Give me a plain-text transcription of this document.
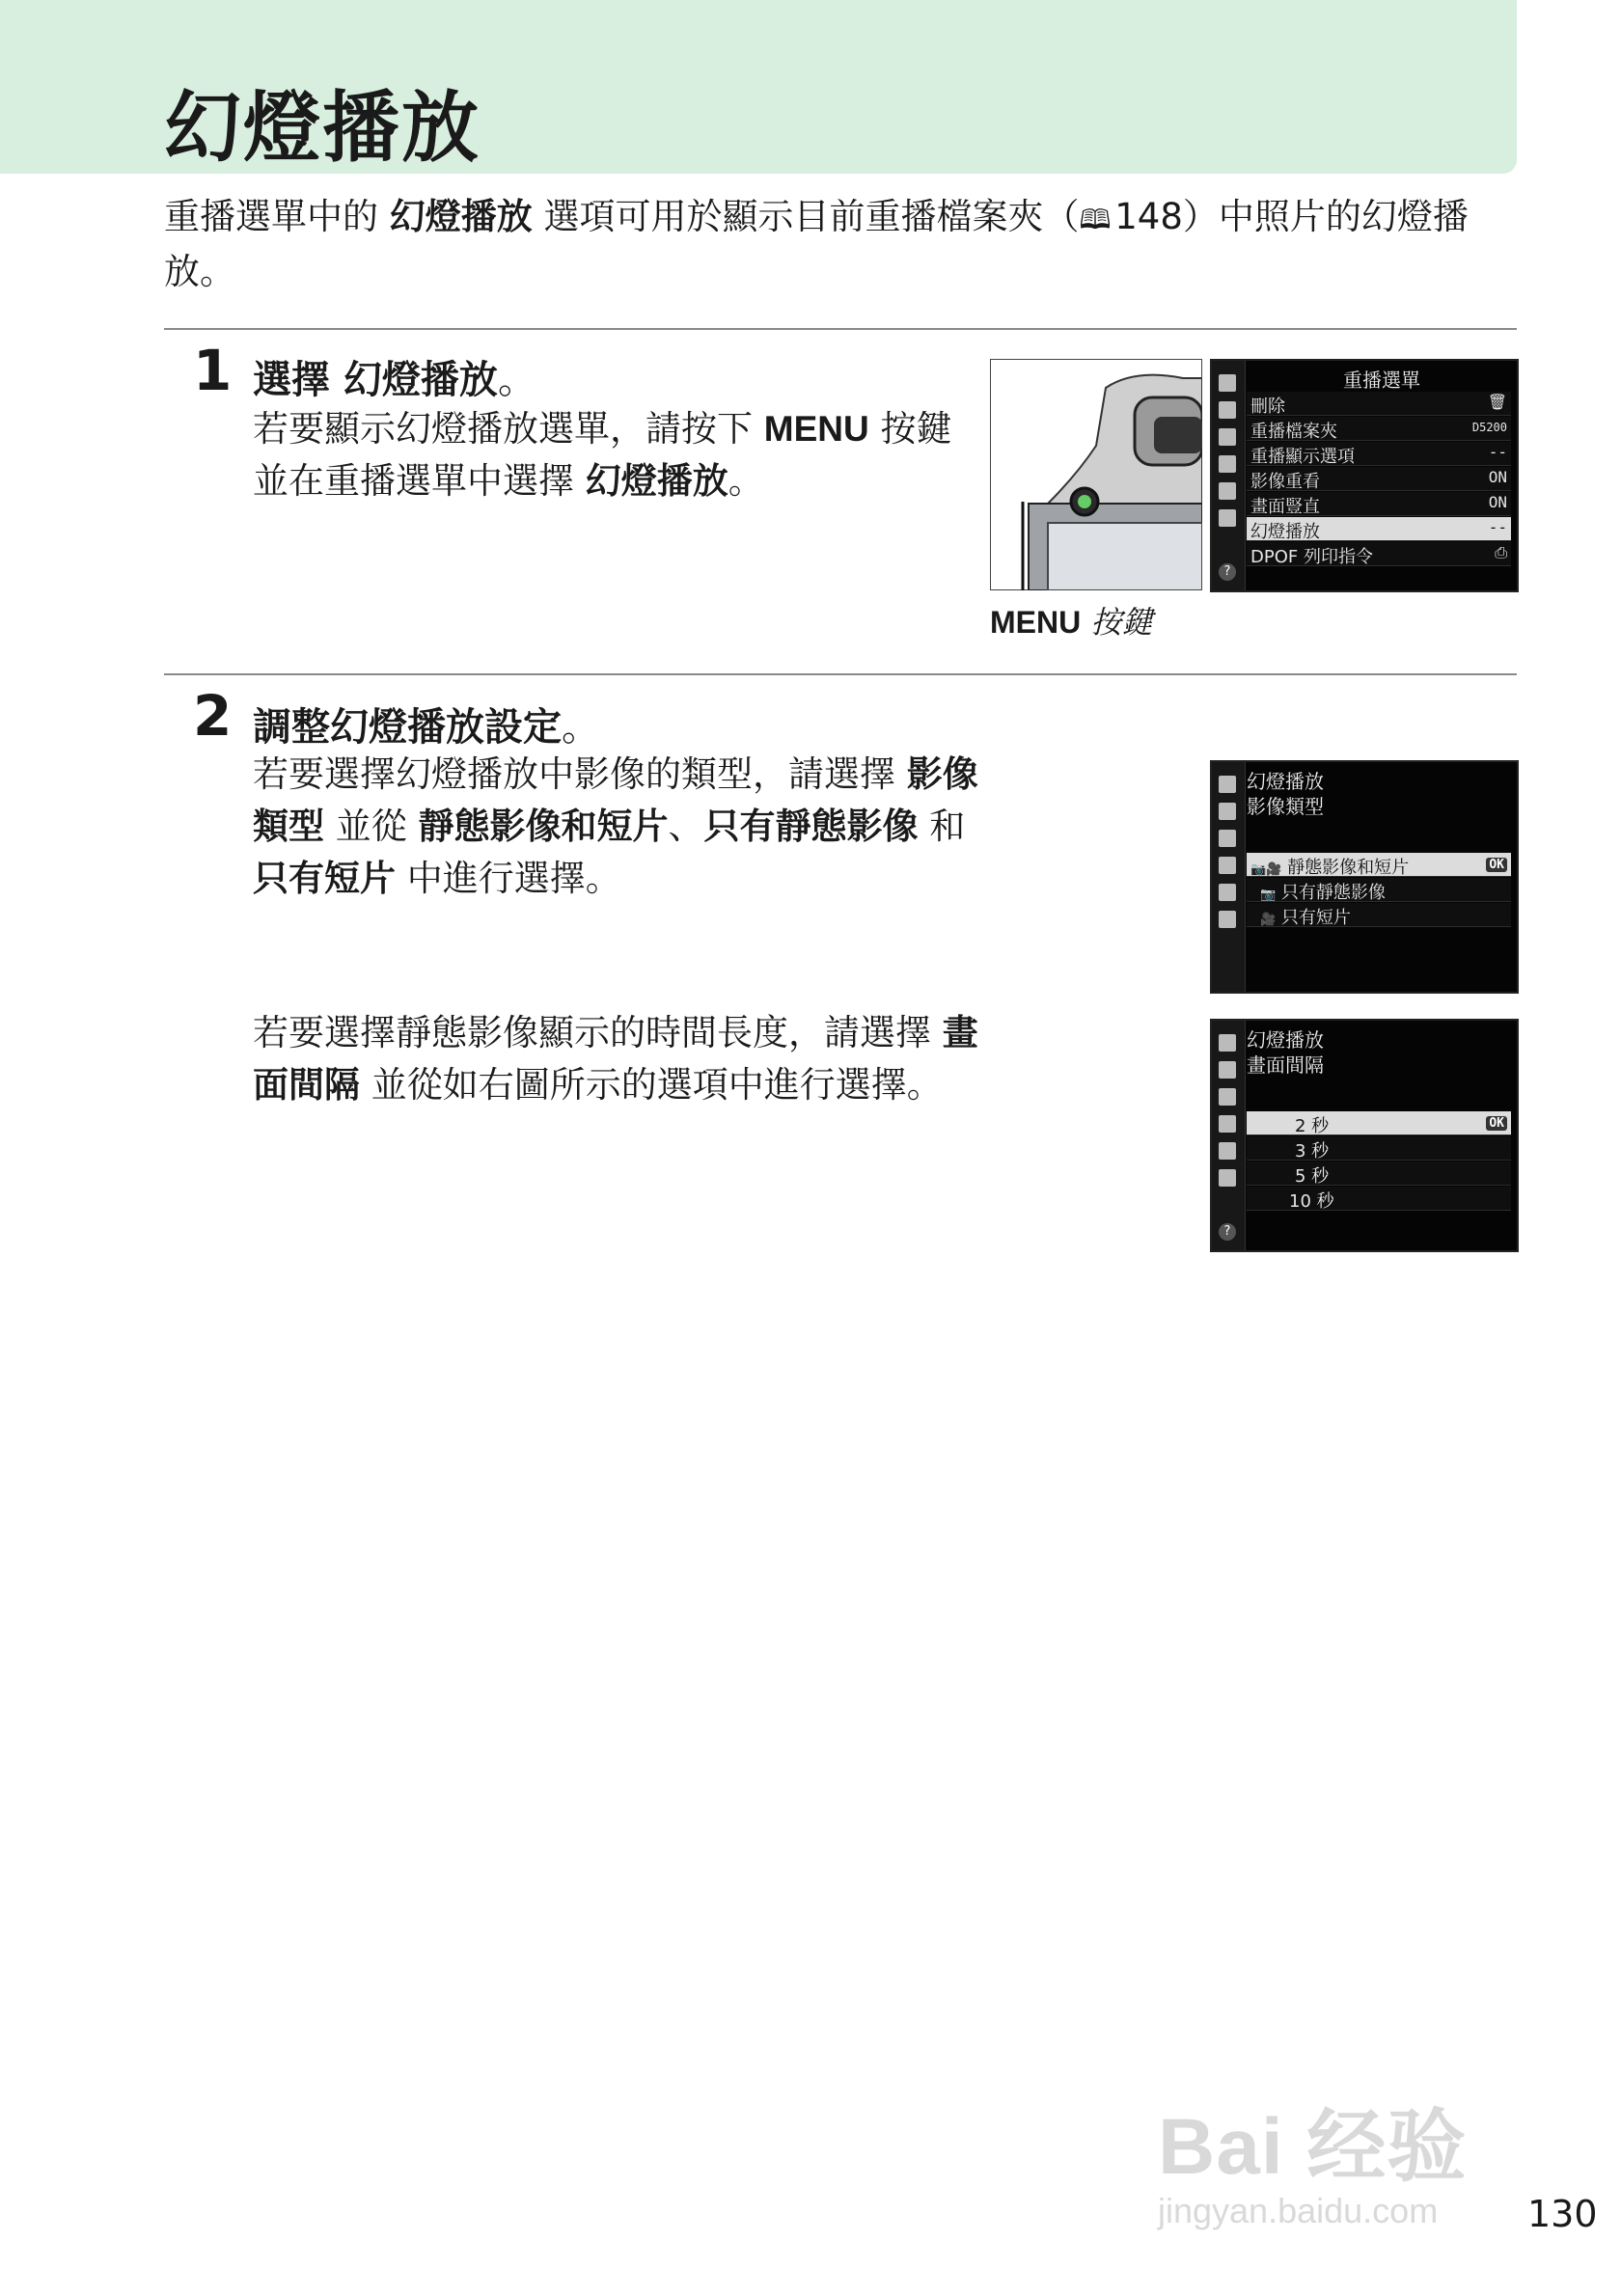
幻燈播放
重播選單中的 幻燈播放 選項可用於顯示目前重播檔案夾（🕮 148）中照片的幻燈播放。
1 選擇 幻燈播放。
若要顯示幻燈播放選單，請按下 MENU 按鍵並在重播選單中選擇 幻燈播放。
MENU 按鍵
?
重播選單
刪除	🗑
重播檔案夾	D5200
重播顯示選項	--
影像重看	ON
畫面豎直	ON
幻燈播放	--
DPOF 列印指令	⎙
2 調整幻燈播放設定。
若要選擇幻燈播放中影像的類型，請選擇 影像類型 並從 靜態影像和短片、只有靜態影像 和 只有短片 中進行選擇。
若要選擇靜態影像顯示的時間長度，請選擇 畫面間隔 並從如右圖所示的選項中進行選擇。
幻燈播放
影像類型
📷🎥 靜態影像和短片	OK
📷 只有靜態影像
🎥 只有短片
?
幻燈播放
畫面間隔
2 秒	OK
3 秒
5 秒
10 秒
Bai 经验
jingyan.baidu.com	130
